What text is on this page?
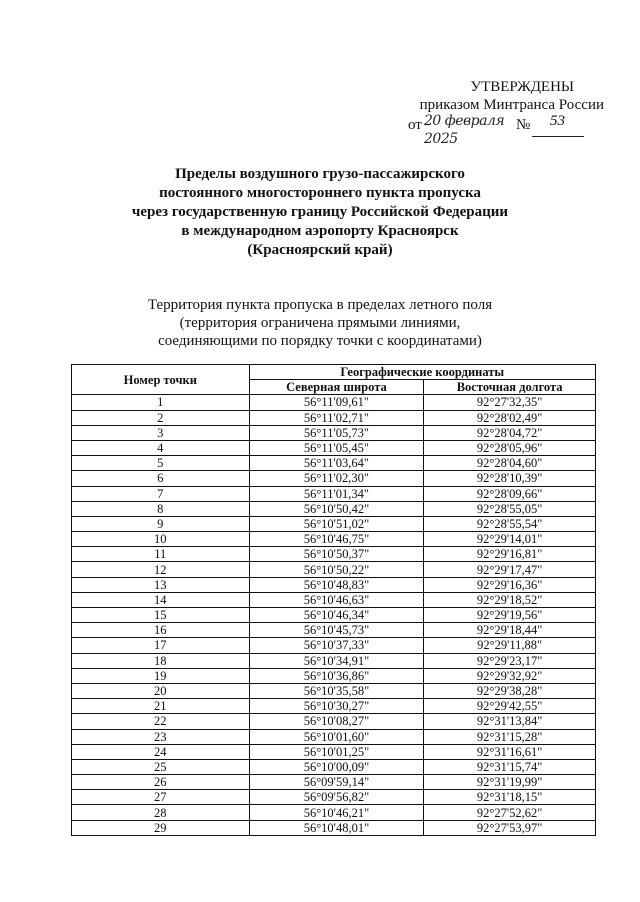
УТВЕРЖДЕНЫ
приказом Минтранса России
от 20 февраля 2025
№ 53
Пределы воздушного грузо-пассажирского
постоянного многостороннего пункта пропуска
через государственную границу Российской Федерации
в международном аэропорту Красноярск
(Красноярский край)
Территория пункта пропуска в пределах летного поля
(территория ограничена прямыми линиями,
соединяющими по порядку точки с координатами)
Номер точки	Географические координаты	
	Северная широта	Восточная долгота
1	56°11'09,61"	92°27'32,35"
2	56°11'02,71"	92°28'02,49"
3	56°11'05,73"	92°28'04,72"
4	56°11'05,45"	92°28'05,96"
5	56°11'03,64"	92°28'04,60"
6	56°11'02,30"	92°28'10,39"
7	56°11'01,34"	92°28'09,66"
8	56°10'50,42"	92°28'55,05"
9	56°10'51,02"	92°28'55,54"
10	56°10'46,75"	92°29'14,01"
11	56°10'50,37"	92°29'16,81"
12	56°10'50,22"	92°29'17,47"
13	56°10'48,83"	92°29'16,36"
14	56°10'46,63"	92°29'18,52"
15	56°10'46,34"	92°29'19,56"
16	56°10'45,73"	92°29'18,44"
17	56°10'37,33"	92°29'11,88"
18	56°10'34,91"	92°29'23,17"
19	56°10'36,86"	92°29'32,92"
20	56°10'35,58"	92°29'38,28"
21	56°10'30,27"	92°29'42,55"
22	56°10'08,27"	92°31'13,84"
23	56°10'01,60"	92°31'15,28"
24	56°10'01,25"	92°31'16,61"
25	56°10'00,09"	92°31'15,74"
26	56°09'59,14"	92°31'19,99"
27	56°09'56,82"	92°31'18,15"
28	56°10'46,21"	92°27'52,62"
29	56°10'48,01"	92°27'53,97"
